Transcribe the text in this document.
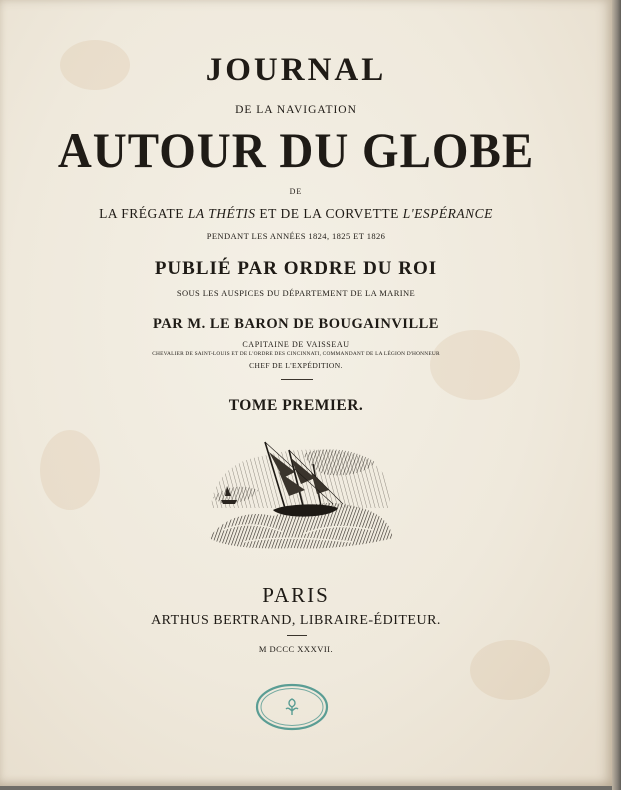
JOURNAL
DE LA NAVIGATION
AUTOUR DU GLOBE
DE
LA FRÉGATE LA THÉTIS ET DE LA CORVETTE L'ESPÉRANCE
PENDANT LES ANNÉES 1824, 1825 ET 1826
PUBLIÉ PAR ORDRE DU ROI
SOUS LES AUSPICES DU DÉPARTEMENT DE LA MARINE
PAR M. LE BARON DE BOUGAINVILLE
CAPITAINE DE VAISSEAU
CHEVALIER DE SAINT-LOUIS ET DE L'ORDRE DES CINCINNATI, COMMANDANT DE LA LÉGION D'HONNEUR
CHEF DE L'EXPÉDITION.
TOME PREMIER.
PARIS
ARTHUS BERTRAND, LIBRAIRE-ÉDITEUR.
M DCCC XXXVII.
